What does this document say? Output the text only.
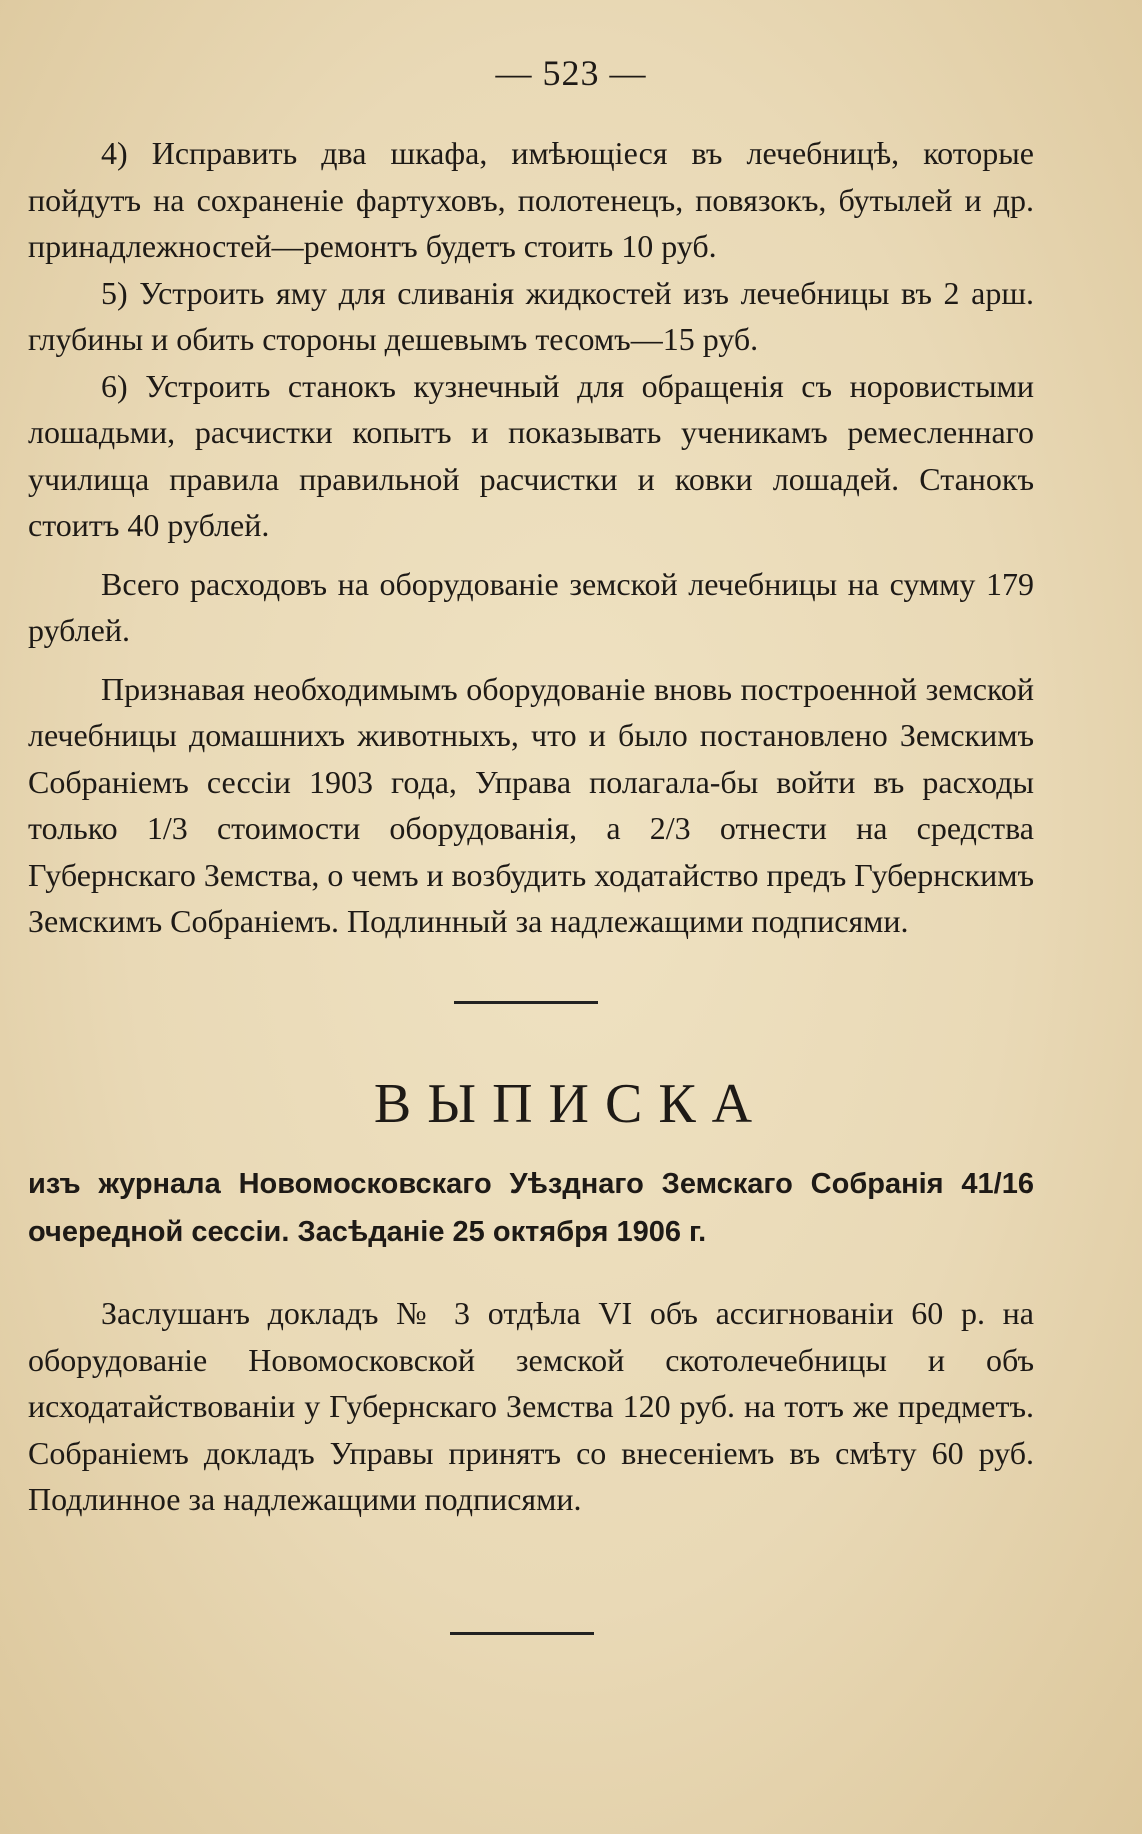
— 523 —

4) Исправить два шкафа, имѣющіеся въ лечебницѣ, которые пойдутъ на сохраненіе фартуховъ, полотенецъ, повязокъ, бутылей и др. принадлежностей—ремонтъ будетъ стоить 10 руб.

5) Устроить яму для сливанія жидкостей изъ лечебницы въ 2 арш. глубины и обить стороны дешевымъ тесомъ—15 руб.

6) Устроить станокъ кузнечный для обращенія съ норовистыми лошадьми, расчистки копытъ и показывать ученикамъ ремесленнаго училища правила правильной расчистки и ковки лошадей. Станокъ стоитъ 40 рублей.

Всего расходовъ на оборудованіе земской лечебницы на сумму 179 рублей.

Признавая необходимымъ оборудованіе вновь построенной земской лечебницы домашнихъ животныхъ, что и было постановлено Земскимъ Собраніемъ сессіи 1903 года, Управа полагала-бы войти въ расходы только 1/3 стоимости оборудованія, а 2/3 отнести на средства Губернскаго Земства, о чемъ и возбудить ходатайство предъ Губернскимъ Земскимъ Собраніемъ. Подлинный за надлежащими подписями.

ВЫПИСКА
изъ журнала Новомосковскаго Уѣзднаго Земскаго Собранія 41/16 очередной сессіи. Засѣданіе 25 октября 1906 г.

Заслушанъ докладъ № 3 отдѣла VI объ ассигнованіи 60 р. на оборудованіе Новомосковской земской скотолечебницы и объ исходатайствованіи у Губернскаго Земства 120 руб. на тотъ же предметъ. Собраніемъ докладъ Управы принятъ со внесеніемъ въ смѣту 60 руб. Подлинное за надлежащими подписями.
